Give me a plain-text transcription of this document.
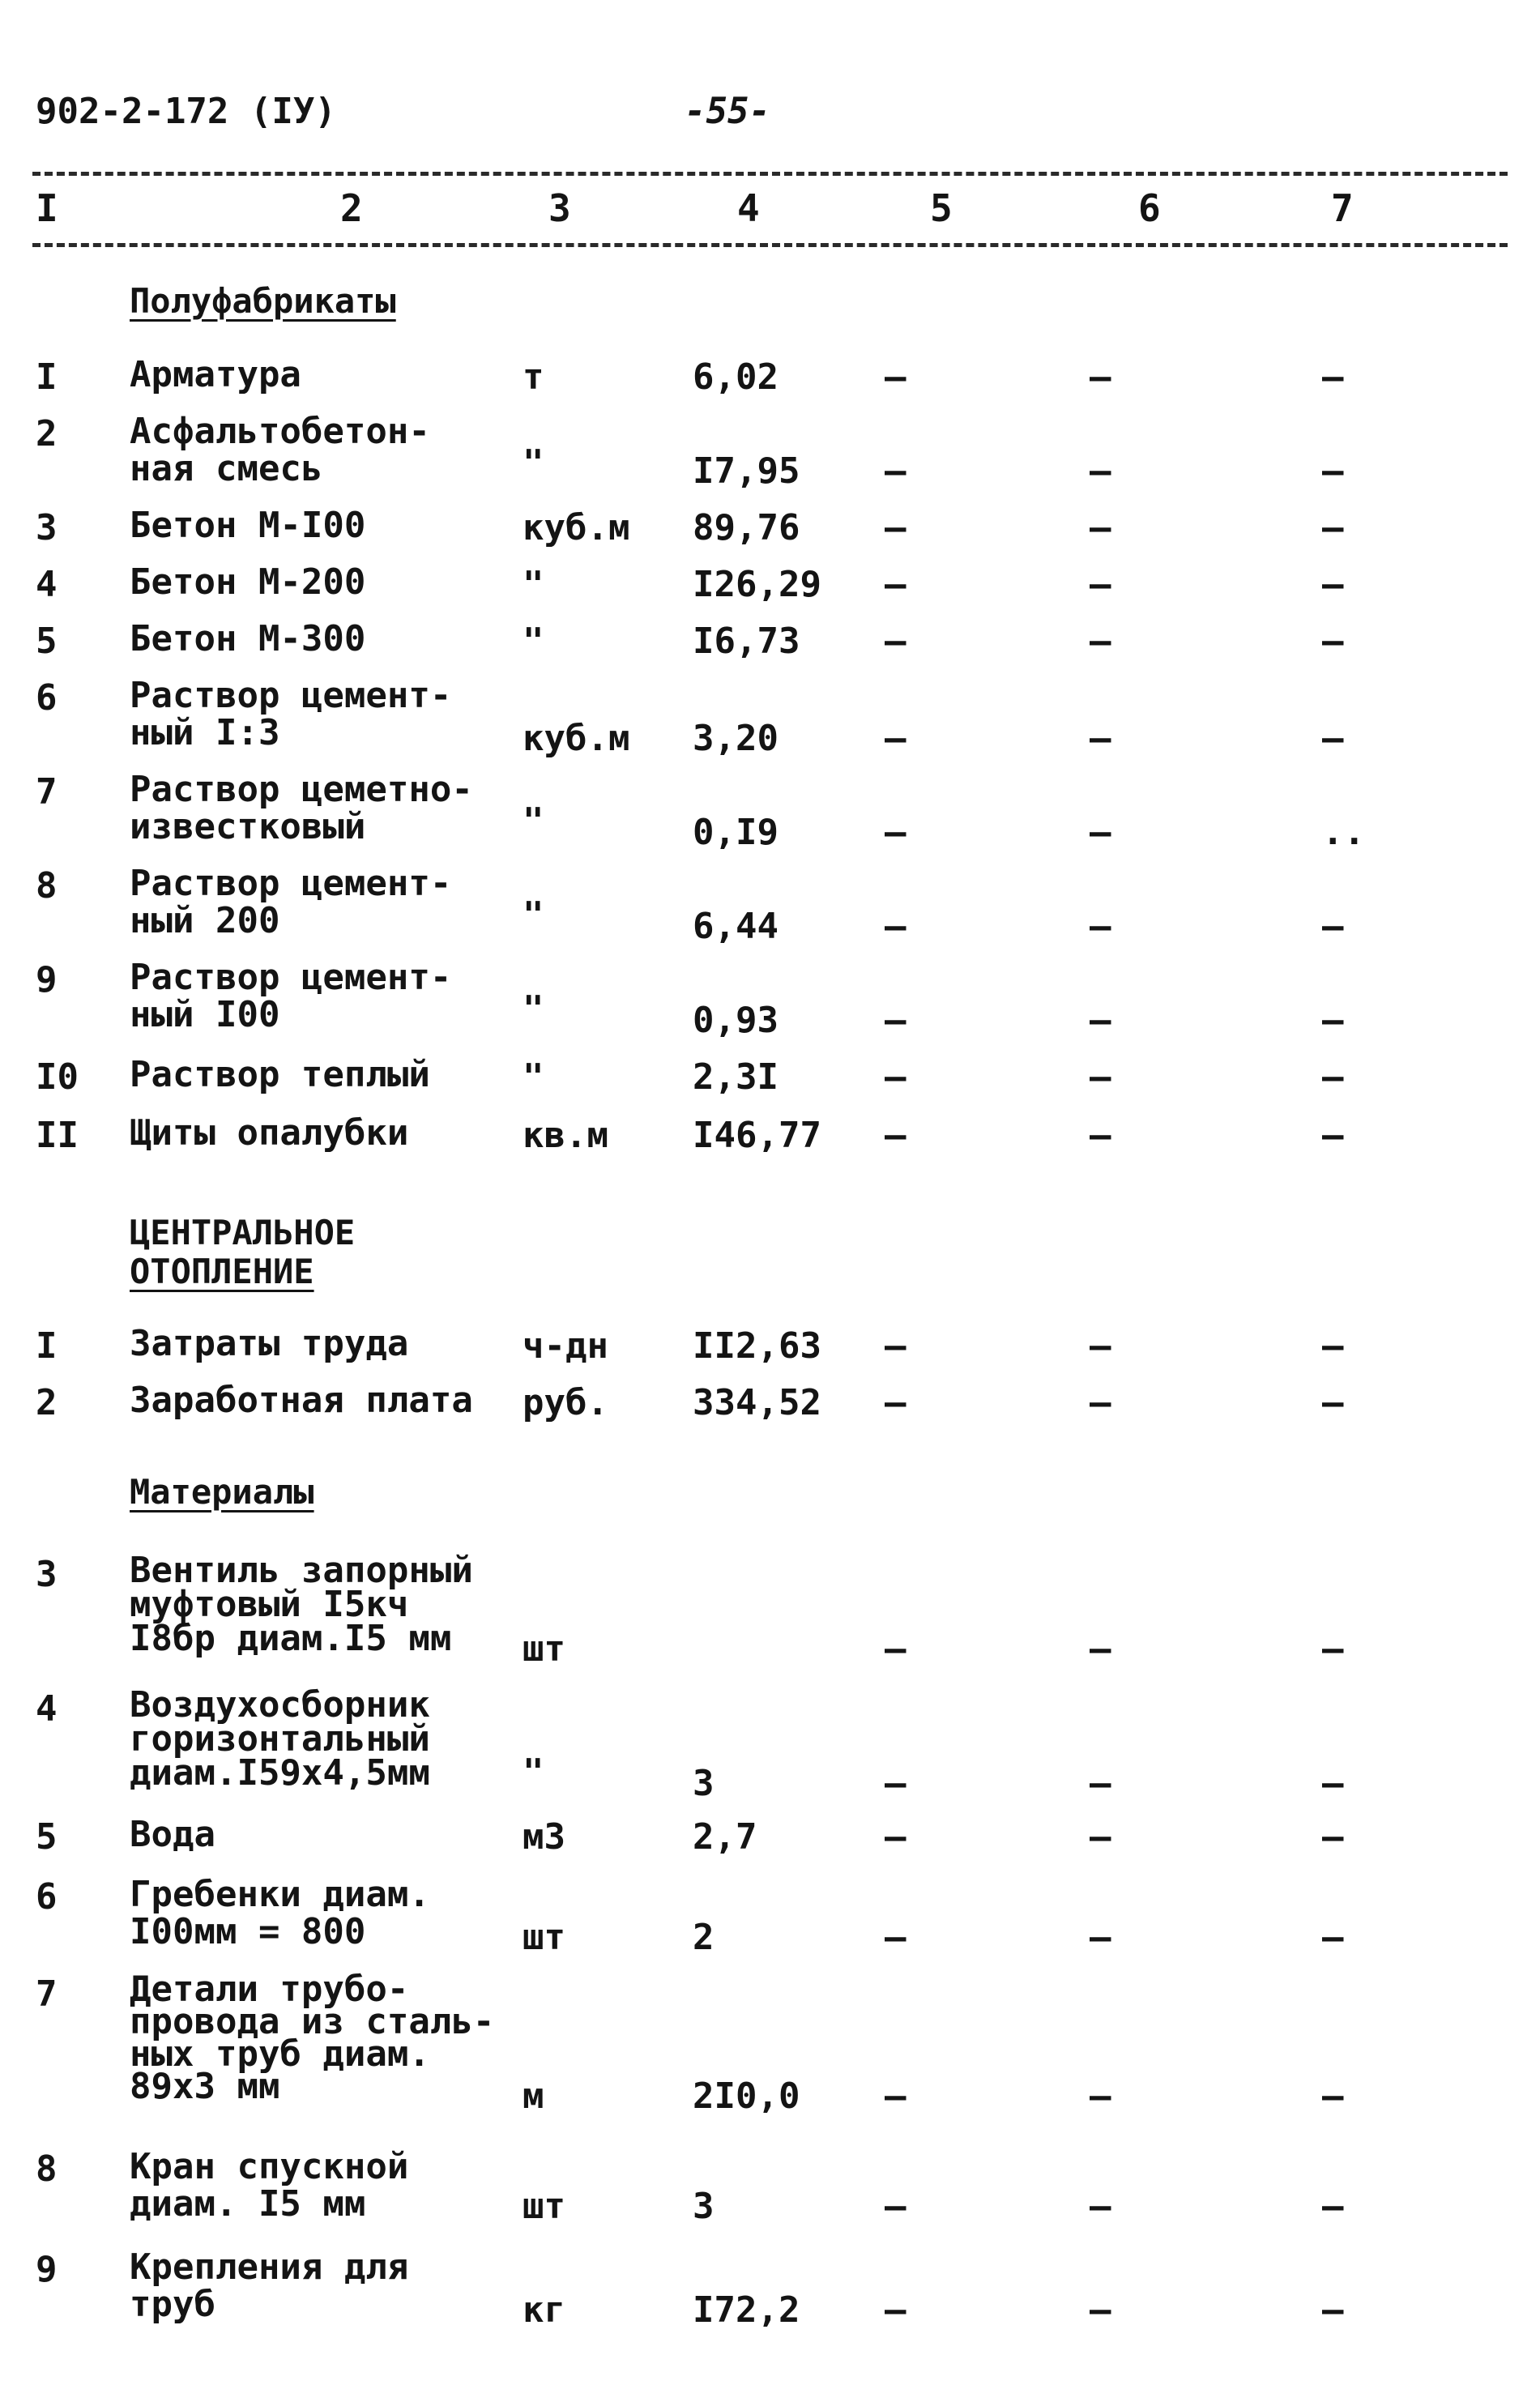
902-2-172 (IУ)	-55-
I	2	3	4	5	6	7
Полуфабрикаты
I Арматура	т	6,02	–	–	–
2 Асфальтобетон-
ная смесь	"	I7,95 –	–	–
3 Бетон М-I00	куб.м 89,76 –	–	–
4 Бетон М-200	"	I26,29 –	–	–
5 Бетон М-300	"	I6,73 –	–	–
6 Раствор цемент-
ный I:3	куб.м 3,20	–	–	–
7 Раствор цеметно-
известковый	"	0,I9	–	–	..
8 Раствор цемент-
ный 200	"	6,44	–	–	–
9 Раствор цемент-
ный I00	"	0,93	–	–	–
I0 Раствор теплый	"	2,3I	–	–	–
II Щиты опалубки	кв.м I46,77 –	–	–
ЦЕНТРАЛЬНОЕ
ОТОПЛЕНИЕ
I Затраты труда	ч-дн II2,63 –	–	–
2 Заработная плата руб. 334,52 –	–	–
Материалы
3 Вентиль запорный
муфтовый I5кч
I8бр диам.I5 мм	шт	–	–	–
4 Воздухосборник
горизонтальный
диам.I59х4,5мм	"	3	–	–	–
5 Вода	м3	2,7	–	–	–
6 Гребенки диам.
I00мм = 800	шт	2	–	–	–
7 Детали трубо-
провода из сталь-
ных труб диам.
89х3 мм	м	2I0,0 –	–	–
8 Кран спускной
диам. I5 мм	шт	3	–	–	–
9 Крепления для
труб	кг	I72,2 –	–	–
